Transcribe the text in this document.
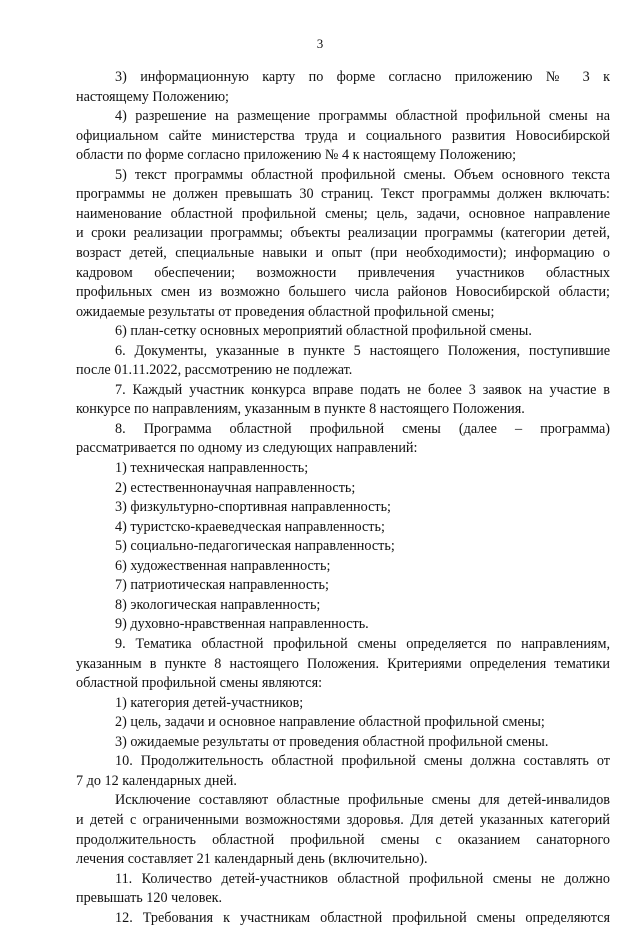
3
3) информационную карту по форме согласно приложению № 3 к
настоящему Положению;
4) разрешение на размещение программы областной профильной смены на
официальном сайте министерства труда и социального развития Новосибирской
области по форме согласно приложению № 4 к настоящему Положению;
5) текст программы областной профильной смены. Объем основного текста
программы не должен превышать 30 страниц. Текст программы должен включать:
наименование областной профильной смены; цель, задачи, основное направление
и сроки реализации программы; объекты реализации программы (категории детей,
возраст детей, специальные навыки и опыт (при необходимости); информацию о
кадровом обеспечении; возможности привлечения участников областных
профильных смен из возможно большего числа районов Новосибирской области;
ожидаемые результаты от проведения областной профильной смены;
6) план-сетку основных мероприятий областной профильной смены.
6. Документы, указанные в пункте 5 настоящего Положения, поступившие
после 01.11.2022, рассмотрению не подлежат.
7. Каждый участник конкурса вправе подать не более 3 заявок на участие в
конкурсе по направлениям, указанным в пункте 8 настоящего Положения.
8. Программа областной профильной смены (далее – программа)
рассматривается по одному из следующих направлений:
1) техническая направленность;
2) естественнонаучная направленность;
3) физкультурно-спортивная направленность;
4) туристско-краеведческая направленность;
5) социально-педагогическая направленность;
6) художественная направленность;
7) патриотическая направленность;
8) экологическая направленность;
9) духовно-нравственная направленность.
9. Тематика областной профильной смены определяется по направлениям,
указанным в пункте 8 настоящего Положения. Критериями определения тематики
областной профильной смены являются:
1) категория детей-участников;
2) цель, задачи и основное направление областной профильной смены;
3) ожидаемые результаты от проведения областной профильной смены.
10. Продолжительность областной профильной смены должна составлять от
7 до 12 календарных дней.
Исключение составляют областные профильные смены для детей-инвалидов
и детей с ограниченными возможностями здоровья. Для детей указанных категорий
продолжительность областной профильной смены с оказанием санаторного
лечения составляет 21 календарный день (включительно).
11. Количество детей-участников областной профильной смены не должно
превышать 120 человек.
12. Требования к участникам областной профильной смены определяются
